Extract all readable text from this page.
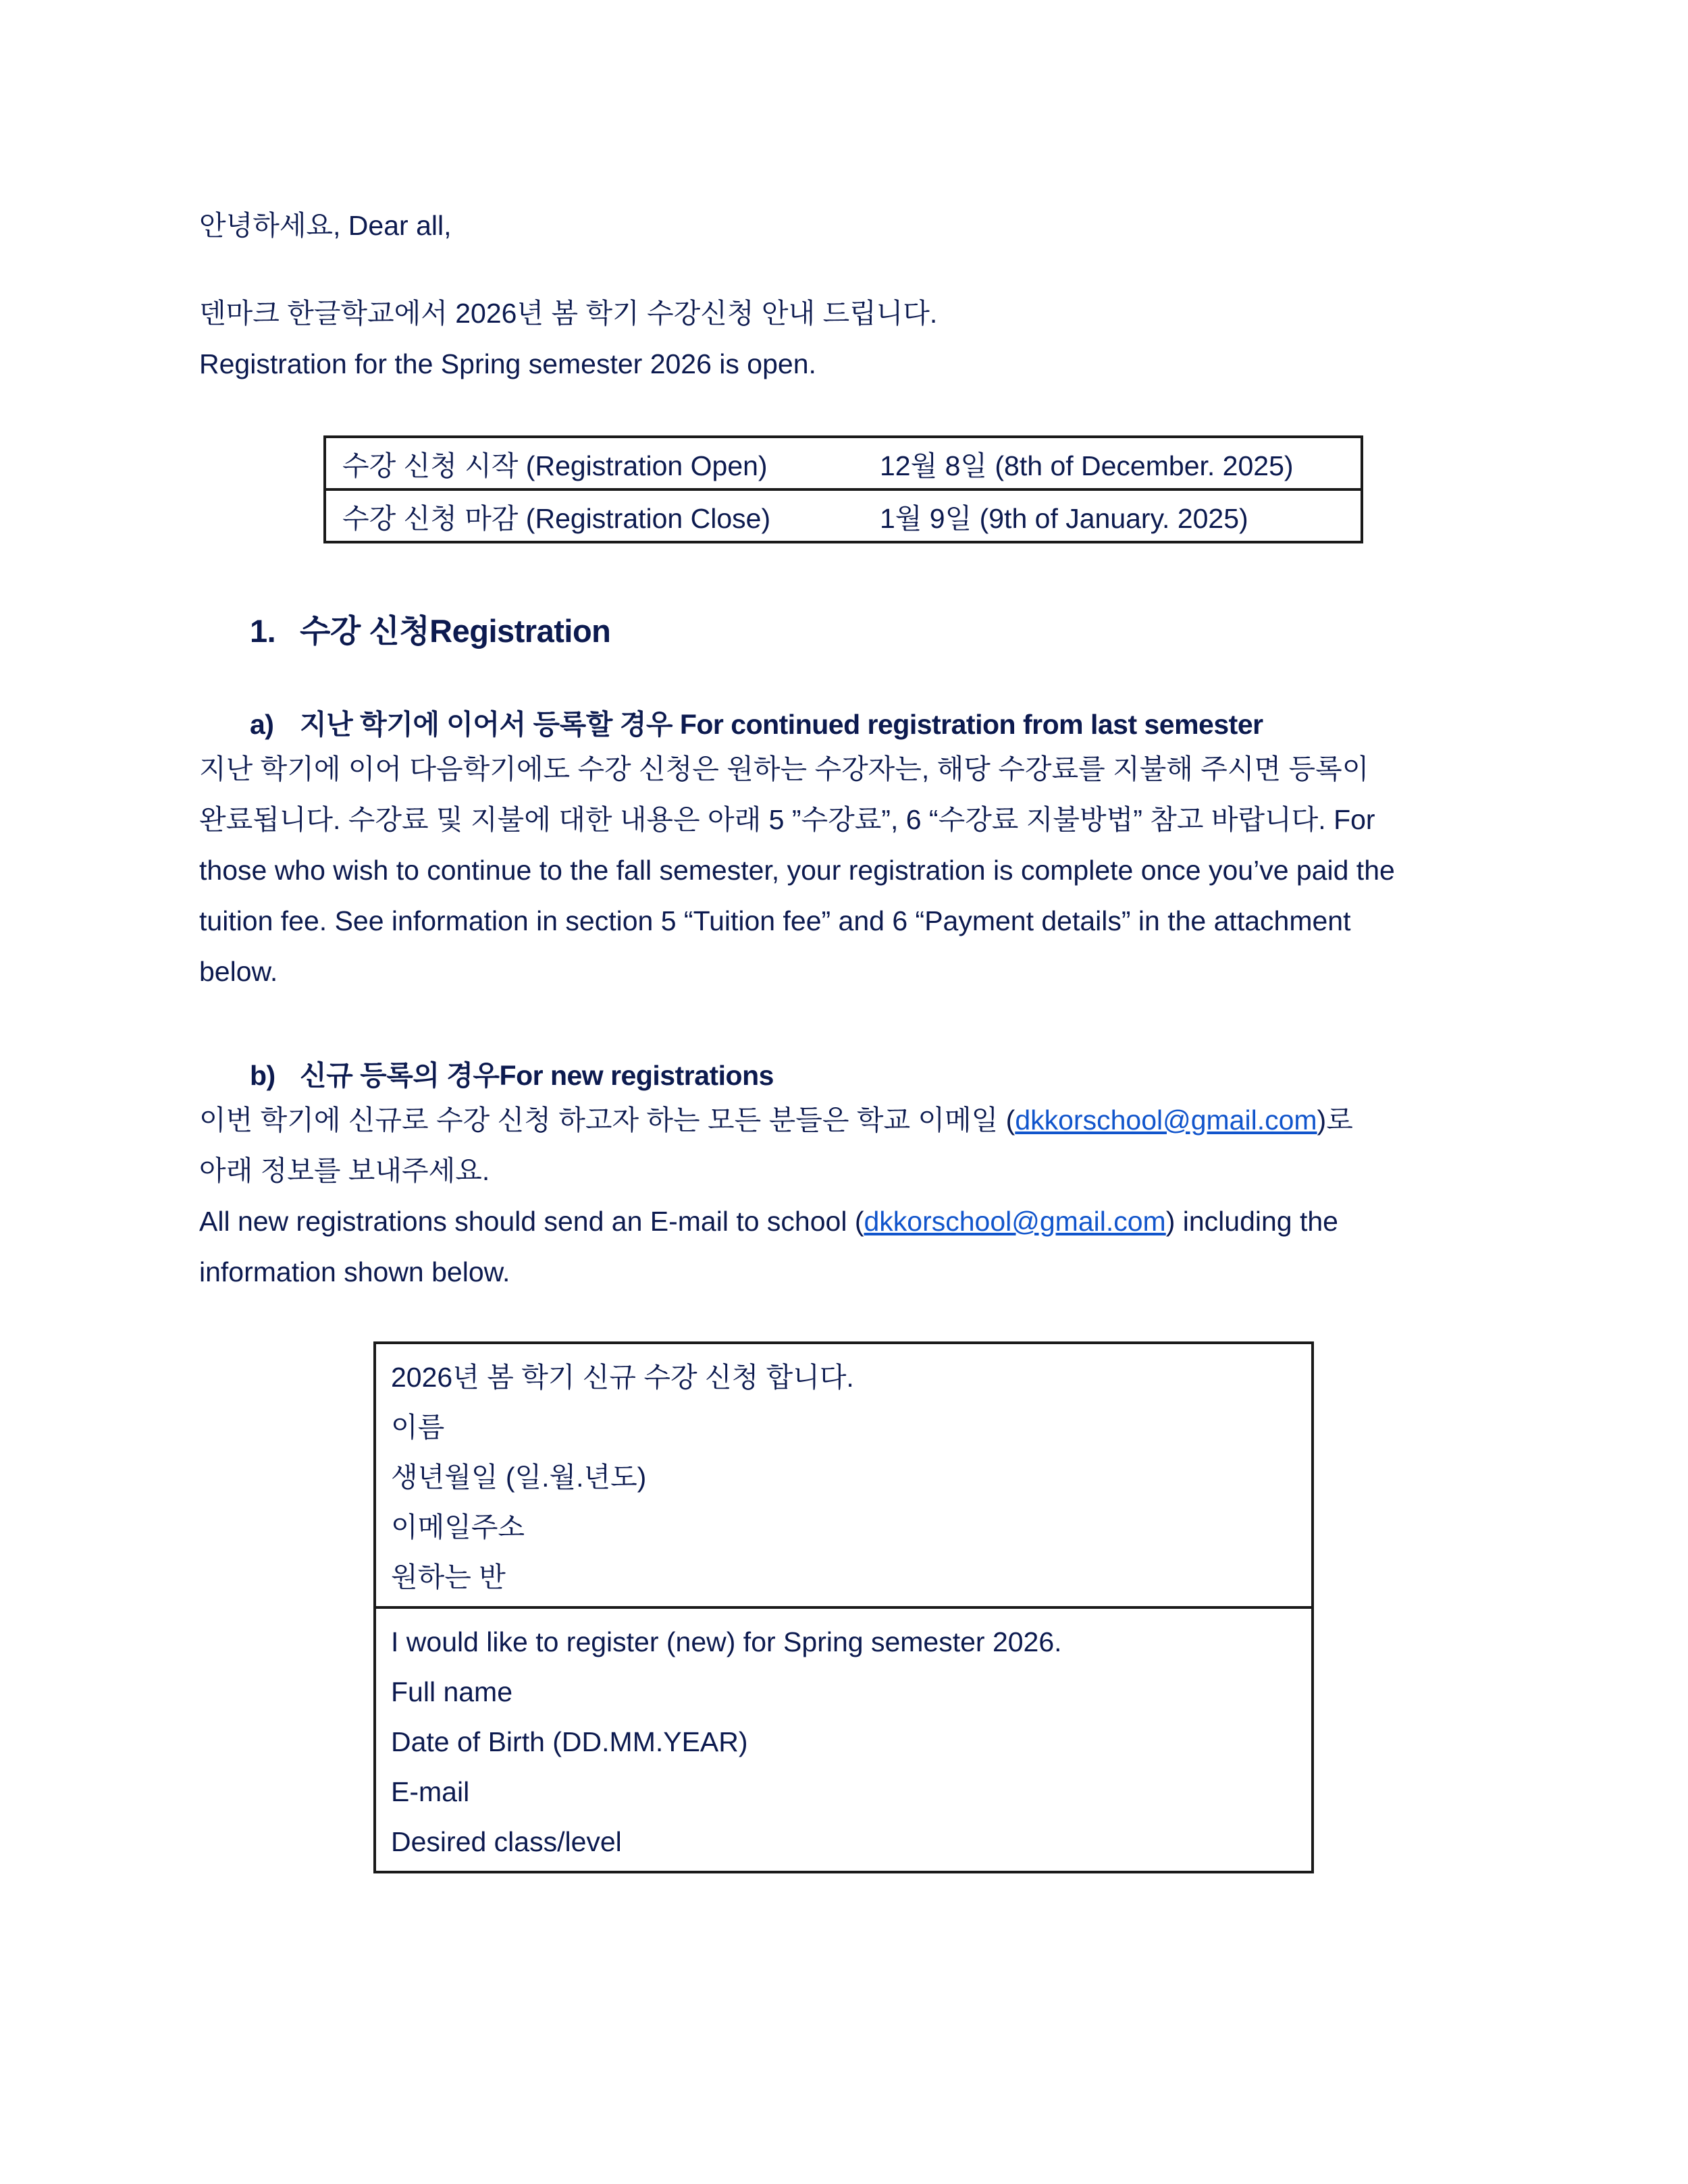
안녕하세요, Dear all,
덴마크 한글학교에서 2026년 봄 학기 수강신청 안내 드립니다.
Registration for the Spring semester 2026 is open.
수강 신청 시작 (Registration Open)	12월 8일 (8th of December. 2025)
수강 신청 마감 (Registration Close)	1월 9일 (9th of January. 2025)
1. 수강 신청Registration
a) 지난 학기에 이어서 등록할 경우 For continued registration from last semester
지난 학기에 이어 다음학기에도 수강 신청은 원하는 수강자는, 해당 수강료를 지불해 주시면 등록이
완료됩니다. 수강료 및 지불에 대한 내용은 아래 5 ”수강료”, 6 “수강료 지불방법” 참고 바랍니다. For
those who wish to continue to the fall semester, your registration is complete once you’ve paid the
tuition fee. See information in section 5 “Tuition fee” and 6 “Payment details” in the attachment
below.
b) 신규 등록의 경우For new registrations
이번 학기에 신규로 수강 신청 하고자 하는 모든 분들은 학교 이메일 (dkkorschool@gmail.com)로
아래 정보를 보내주세요.
All new registrations should send an E-mail to school (dkkorschool@gmail.com) including the
information shown below.
2026년 봄 학기 신규 수강 신청 합니다.
이름
생년월일 (일.월.년도)
이메일주소
원하는 반
I would like to register (new) for Spring semester 2026.
Full name
Date of Birth (DD.MM.YEAR)
E-mail
Desired class/level
